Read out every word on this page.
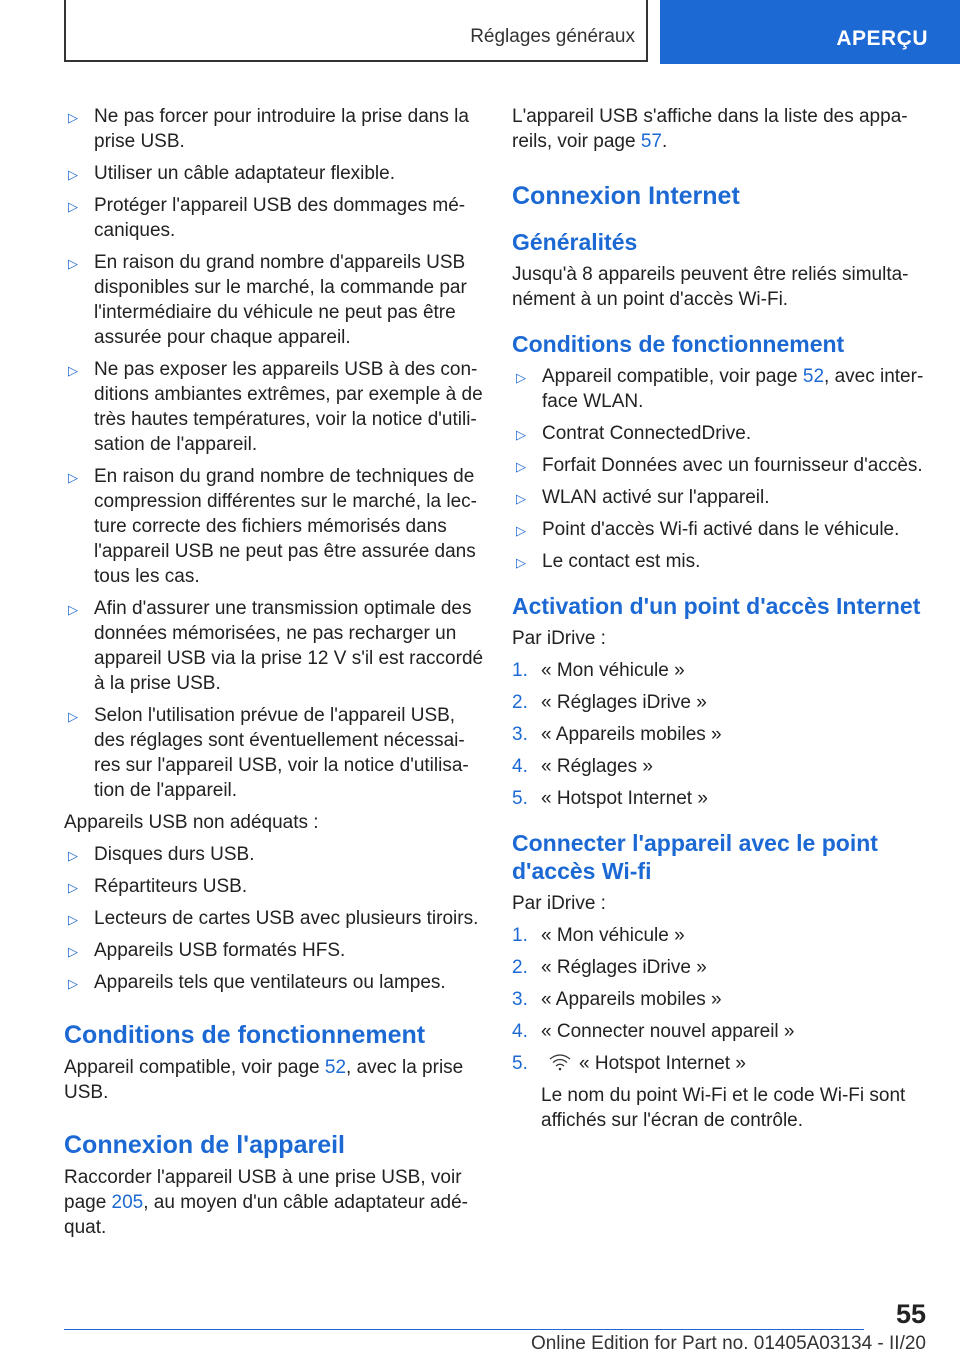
Réglages généraux	APERÇU
▷ Ne pas forcer pour introduire la prise dans la prise USB.
▷ Utiliser un câble adaptateur flexible.
▷ Protéger l'appareil USB des dommages mé-caniques.
▷ En raison du grand nombre d'appareils USB disponibles sur le marché, la commande par l'intermédiaire du véhicule ne peut pas être assurée pour chaque appareil.
▷ Ne pas exposer les appareils USB à des con-ditions ambiantes extrêmes, par exemple à de très hautes températures, voir la notice d'utili-sation de l'appareil.
▷ En raison du grand nombre de techniques de compression différentes sur le marché, la lec-ture correcte des fichiers mémorisés dans l'appareil USB ne peut pas être assurée dans tous les cas.
▷ Afin d'assurer une transmission optimale des données mémorisées, ne pas recharger un appareil USB via la prise 12 V s'il est raccordé à la prise USB.
▷ Selon l'utilisation prévue de l'appareil USB, des réglages sont éventuellement nécessai-res sur l'appareil USB, voir la notice d'utilisa-tion de l'appareil.

Appareils USB non adéquats :

▷ Disques durs USB.
▷ Répartiteurs USB.
▷ Lecteurs de cartes USB avec plusieurs tiroirs.
▷ Appareils USB formatés HFS.
▷ Appareils tels que ventilateurs ou lampes.
Conditions de fonctionnement

Appareil compatible, voir page 52, avec la prise USB.

Connexion de l'appareil

Raccorder l'appareil USB à une prise USB, voir page 205, au moyen d'un câble adaptateur adé-quat.

L'appareil USB s'affiche dans la liste des appa-reils, voir page 57.

Connexion Internet
Généralités

Jusqu'à 8 appareils peuvent être reliés simulta-nément à un point d'accès Wi-Fi.

Conditions de fonctionnement
▷ Appareil compatible, voir page 52, avec inter-face WLAN.
▷ Contrat ConnectedDrive.
▷ Forfait Données avec un fournisseur d'accès.
▷ WLAN activé sur l'appareil.
▷ Point d'accès Wi-fi activé dans le véhicule.
▷ Le contact est mis.
Activation d'un point d'accès Internet

Par iDrive :

1. « Mon véhicule »
2. « Réglages iDrive »
3. « Appareils mobiles »
4. « Réglages »
5. « Hotspot Internet »
Connecter l'appareil avec le point d'accès Wi-fi

Par iDrive :

1. « Mon véhicule »
2. « Réglages iDrive »
3. « Appareils mobiles »
4. « Connecter nouvel appareil »
5.	« Hotspot Internet »
Le nom du point Wi-Fi et le code Wi-Fi sont affichés sur l'écran de contrôle.
55
Online Edition for Part no. 01405A03134 - II/20
